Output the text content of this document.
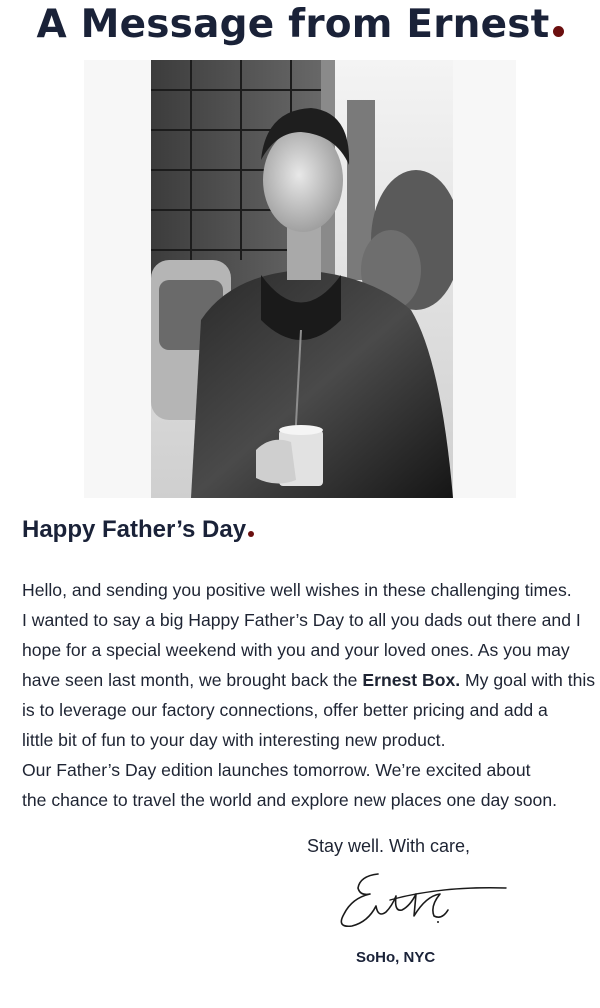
A Message from Ernest
Happy Father’s Day
Hello, and sending you positive well wishes in these challenging times.
I wanted to say a big Happy Father’s Day to all you dads out there and I
hope for a special weekend with you and your loved ones. As you may
have seen last month, we brought back the Ernest Box. My goal with this
is to leverage our factory connections, offer better pricing and add a
little bit of fun to your day with interesting new product.
Our Father’s Day edition launches tomorrow. We’re excited about
the chance to travel the world and explore new places one day soon.
Stay well. With care,
SoHo, NYC
